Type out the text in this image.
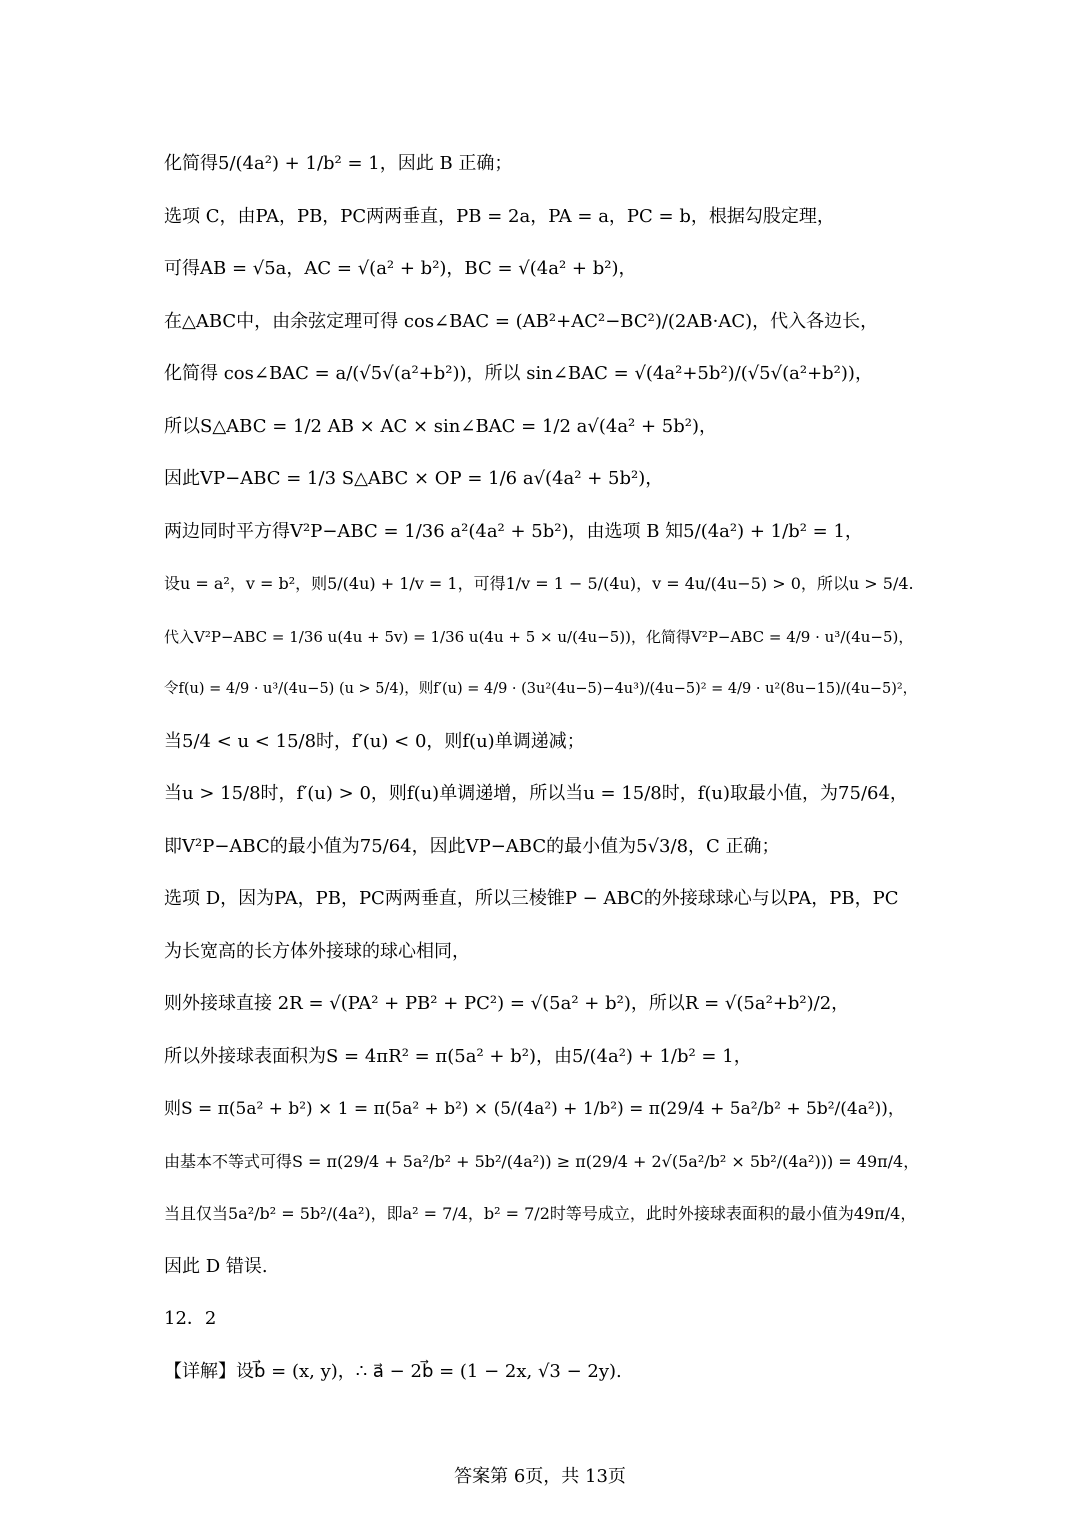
化简得5/(4a²) + 1/b² = 1，因此 B 正确；
选项 C，由PA，PB，PC两两垂直，PB = 2a，PA = a，PC = b，根据勾股定理，
可得AB = √5a，AC = √(a² + b²)，BC = √(4a² + b²)，
在△ABC中，由余弦定理可得 cos∠BAC = (AB²+AC²−BC²)/(2AB·AC)，代入各边长，
化简得 cos∠BAC = a/(√5√(a²+b²))，所以 sin∠BAC = √(4a²+5b²)/(√5√(a²+b²))，
所以S△ABC = 1/2 AB × AC × sin∠BAC = 1/2 a√(4a² + 5b²)，
因此VP−ABC = 1/3 S△ABC × OP = 1/6 a√(4a² + 5b²)，
两边同时平方得V²P−ABC = 1/36 a²(4a² + 5b²)，由选项 B 知5/(4a²) + 1/b² = 1，
设u = a²，v = b²，则5/(4u) + 1/v = 1，可得1/v = 1 − 5/(4u)，v = 4u/(4u−5) > 0，所以u > 5/4.
代入V²P−ABC = 1/36 u(4u + 5v) = 1/36 u(4u + 5 × u/(4u−5))，化简得V²P−ABC = 4/9 · u³/(4u−5)，
令f(u) = 4/9 · u³/(4u−5) (u > 5/4)，则f′(u) = 4/9 · (3u²(4u−5)−4u³)/(4u−5)² = 4/9 · u²(8u−15)/(4u−5)²，
当5/4 < u < 15/8时，f′(u) < 0，则f(u)单调递减；
当u > 15/8时，f′(u) > 0，则f(u)单调递增，所以当u = 15/8时，f(u)取最小值，为75/64，
即V²P−ABC的最小值为75/64，因此VP−ABC的最小值为5√3/8，C 正确；
选项 D，因为PA，PB，PC两两垂直，所以三棱锥P − ABC的外接球球心与以PA，PB，PC
为长宽高的长方体外接球的球心相同，
则外接球直接 2R = √(PA² + PB² + PC²) = √(5a² + b²)，所以R = √(5a²+b²)/2，
所以外接球表面积为S = 4πR² = π(5a² + b²)，由5/(4a²) + 1/b² = 1，
则S = π(5a² + b²) × 1 = π(5a² + b²) × (5/(4a²) + 1/b²) = π(29/4 + 5a²/b² + 5b²/(4a²))，
由基本不等式可得S = π(29/4 + 5a²/b² + 5b²/(4a²)) ≥ π(29/4 + 2√(5a²/b² × 5b²/(4a²))) = 49π/4，
当且仅当5a²/b² = 5b²/(4a²)，即a² = 7/4，b² = 7/2时等号成立，此时外接球表面积的最小值为49π/4，
因此 D 错误.
12．2
【详解】设b⃗ = (x, y)，∴ a⃗ − 2b⃗ = (1 − 2x, √3 − 2y).
答案第 6页，共 13页
